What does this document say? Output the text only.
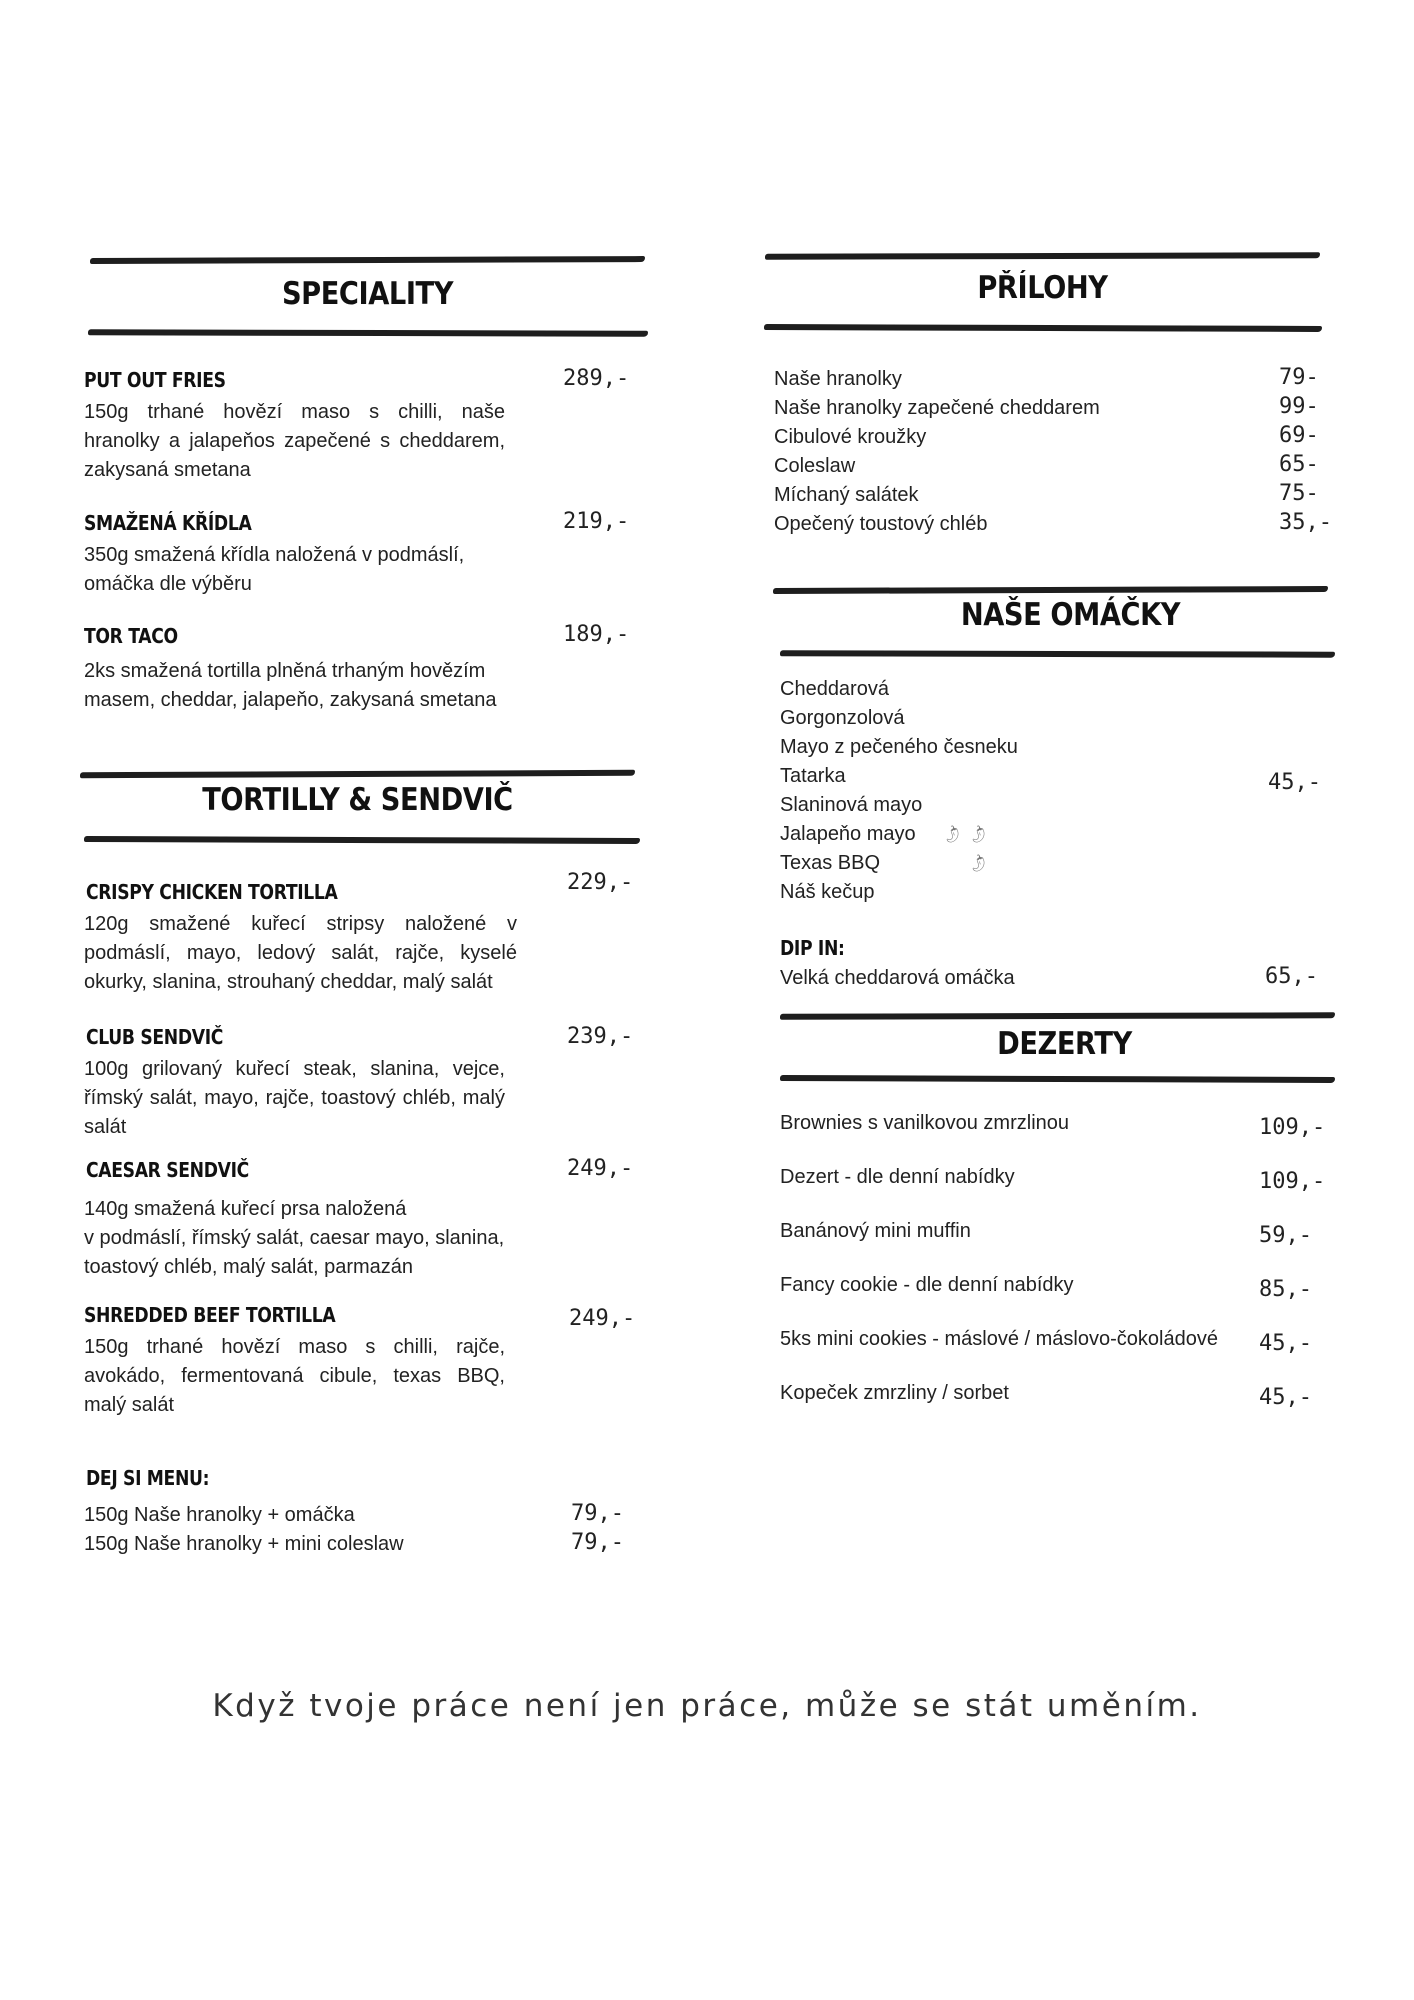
SPECIALITY
PUT OUT FRIES	289,-
150g trhané hovězí maso s chilli, naše hranolky a jalapeňos zapečené s cheddarem, zakysaná smetana
SMAŽENÁ KŘÍDLA	219,-
350g smažená křídla naložená v podmáslí, omáčka dle výběru
TOR TACO	189,-
2ks smažená tortilla plněná trhaným hovězím masem, cheddar, jalapeňo, zakysaná smetana
TORTILLY & SENDVIČ
CRISPY CHICKEN TORTILLA	229,-
120g smažené kuřecí stripsy naložené v podmáslí, mayo, ledový salát, rajče, kyselé okurky, slanina, strouhaný cheddar, malý salát
CLUB SENDVIČ	239,-
100g grilovaný kuřecí steak, slanina, vejce, římský salát, mayo, rajče, toastový chléb, malý salát
CAESAR SENDVIČ	249,-
140g smažená kuřecí prsa naložená
v podmáslí, římský salát, caesar mayo, slanina,
toastový chléb, malý salát, parmazán
SHREDDED BEEF TORTILLA	249,-
150g trhané hovězí maso s chilli, rajče, avokádo, fermentovaná cibule, texas BBQ, malý salát
DEJ SI MENU:
150g Naše hranolky + omáčka	79,-
150g Naše hranolky + mini coleslaw	79,-
PŘÍLOHY
Naše hranolky	79-
Naše hranolky zapečené cheddarem	99-
Cibulové kroužky	69-
Coleslaw	65-
Míchaný salátek	75-
Opečený toustový chléb	35,-
NAŠE OMÁČKY
Cheddarová
Gorgonzolová
Mayo z pečeného česneku
Tatarka
Slaninová mayo
Jalapeňo mayo 🌶 🌶
Texas BBQ	🌶
Náš kečup
45,-
DIP IN:
Velká cheddarová omáčka	65,-
DEZERTY
Brownies s vanilkovou zmrzlinou	109,-
Dezert - dle denní nabídky	109,-
Banánový mini muffin	59,-
Fancy cookie - dle denní nabídky	85,-
5ks mini cookies - máslové / máslovo-čokoládové 45,-
Kopeček zmrzliny / sorbet	45,-
Když tvoje práce není jen práce, může se stát uměním.
